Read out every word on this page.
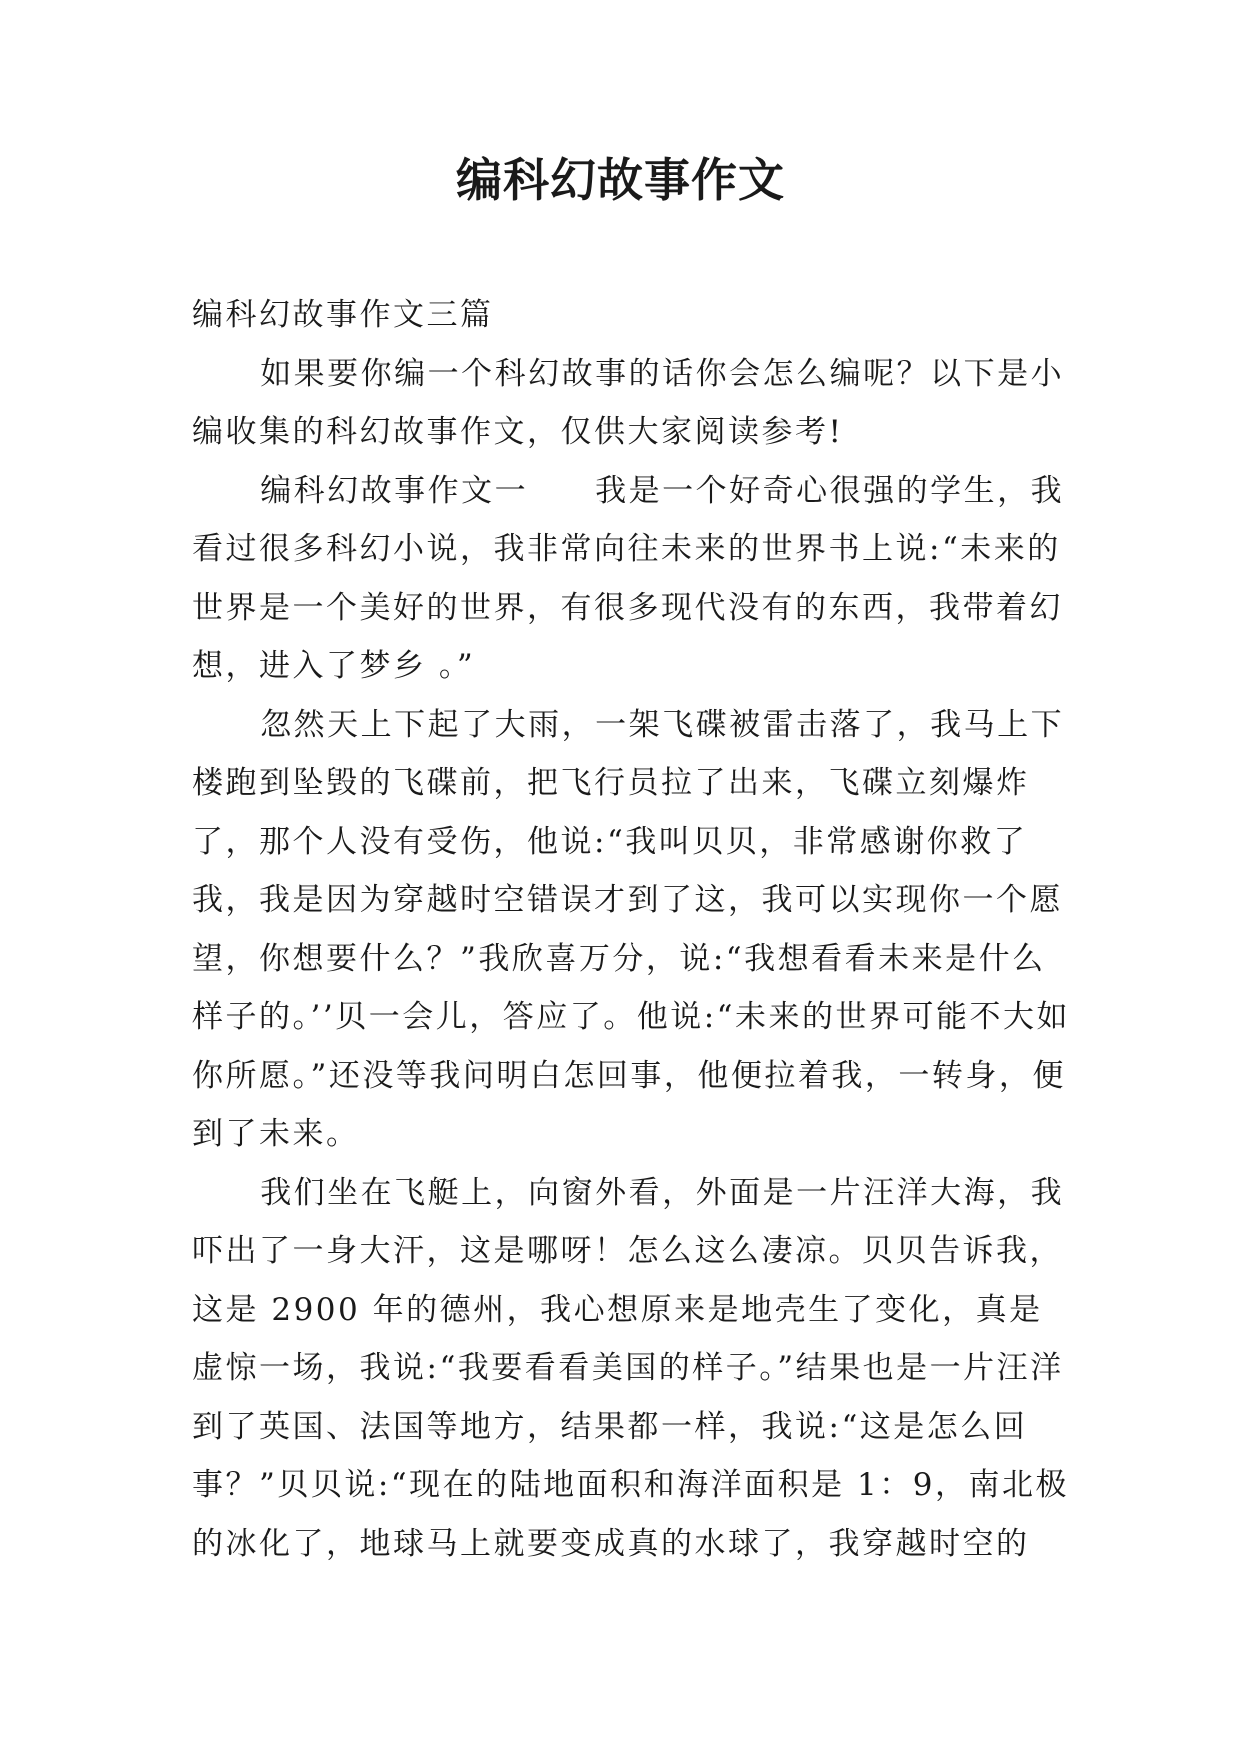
编科幻故事作文

编科幻故事作文三篇

如果要你编一个科幻故事的话你会怎么编呢？以下是小编收集的科幻故事作文，仅供大家阅读参考!

编科幻故事作文一　　我是一个好奇心很强的学生，我看过很多科幻小说，我非常向往未来的世界书上说:“未来的世界是一个美好的世界，有很多现代没有的东西，我带着幻想，进入了梦乡 。”

忽然天上下起了大雨，一架飞碟被雷击落了，我马上下楼跑到坠毁的飞碟前，把飞行员拉了出来，飞碟立刻爆炸了，那个人没有受伤，他说:“我叫贝贝，非常感谢你救了我，我是因为穿越时空错误才到了这，我可以实现你一个愿望，你想要什么？”我欣喜万分，说:“我想看看未来是什么样子的。’’贝一会儿，答应了。他说:“未来的世界可能不大如你所愿。”还没等我问明白怎回事，他便拉着我，一转身，便到了未来。

我们坐在飞艇上，向窗外看，外面是一片汪洋大海，我吓出了一身大汗，这是哪呀！怎么这么凄凉。贝贝告诉我，这是 2900 年的德州，我心想原来是地壳生了变化，真是虚惊一场，我说:“我要看看美国的样子。”结果也是一片汪洋到了英国、法国等地方，结果都一样，我说:“这是怎么回事？”贝贝说:“现在的陆地面积和海洋面积是 1：9，南北极的冰化了，地球马上就要变成真的水球了，我穿越时空的
